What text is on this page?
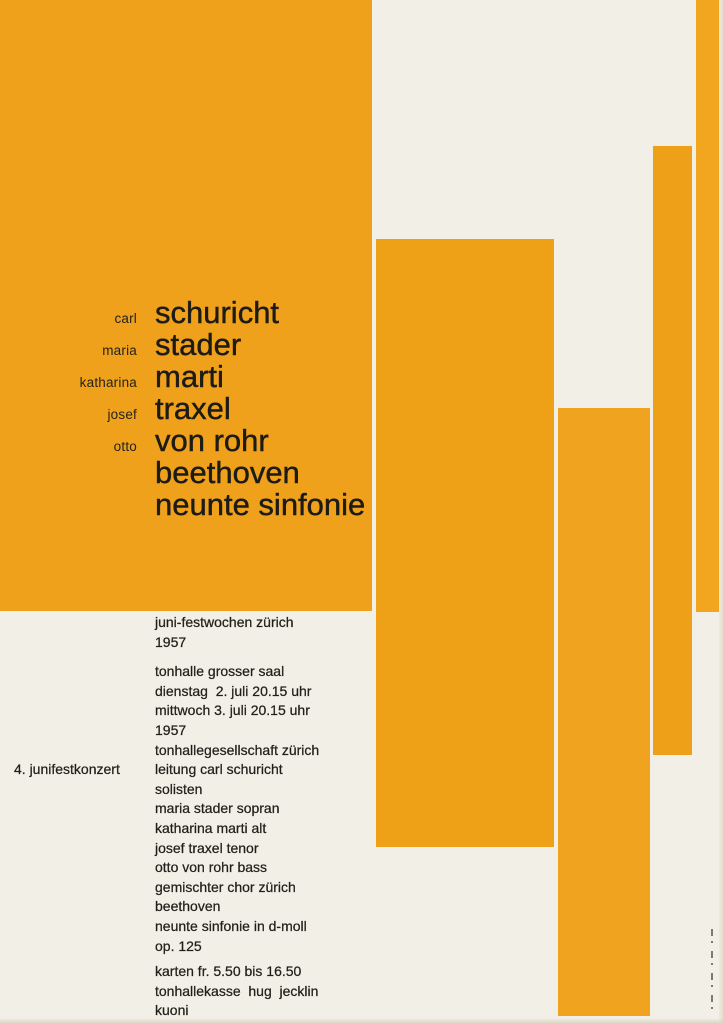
carl schuricht
maria stader
katharina marti
josef traxel
otto von rohr
beethoven
neunte sinfonie
4. junifestkonzert
juni-festwochen zürich
1957
tonhalle grosser saal
dienstag  2. juli 20.15 uhr
mittwoch 3. juli 20.15 uhr
1957
tonhallegesellschaft zürich
leitung carl schuricht
solisten
maria stader sopran
katharina marti alt
josef traxel tenor
otto von rohr bass
gemischter chor zürich
beethoven
neunte sinfonie in d-moll
op. 125
karten fr. 5.50 bis 16.50
tonhallekasse  hug  jecklin
kuoni
